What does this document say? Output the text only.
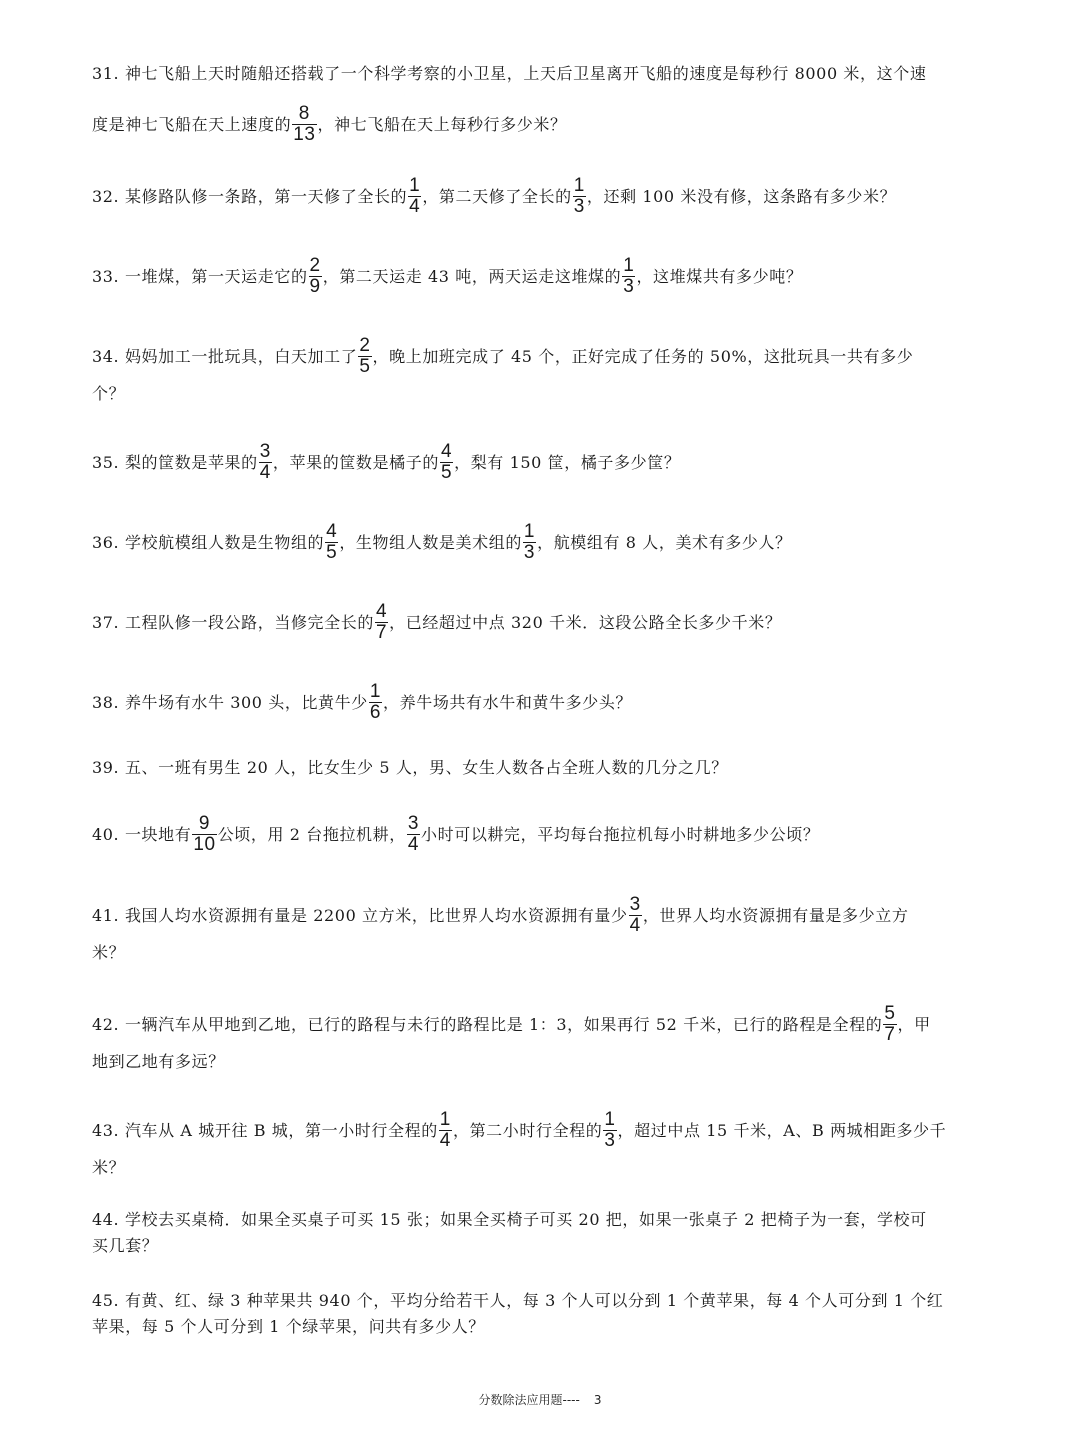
31. 神七飞船上天时随船还搭载了一个科学考察的小卫星，上天后卫星离开飞船的速度是每秒行 8000 米，这个速
度是神七飞船在天上速度的 $\frac{8}{13}$ ，神七飞船在天上每秒行多少米？
32. 某修路队修一条路，第一天修了全长的 $\frac{1}{4}$ ，第二天修了全长的 $\frac{1}{3}$ ，还剩 100 米没有修，这条路有多少米？
33. 一堆煤，第一天运走它的 $\frac{2}{9}$ ，第二天运走 43 吨，两天运走这堆煤的 $\frac{1}{3}$ ，这堆煤共有多少吨？
34. 妈妈加工一批玩具，白天加工了 $\frac{2}{5}$ ，晚上加班完成了 45 个，正好完成了任务的 50%，这批玩具一共有多少
个？
35. 梨的筐数是苹果的 $\frac{3}{4}$ ，苹果的筐数是橘子的 $\frac{4}{5}$ ，梨有 150 筐，橘子多少筐？
36. 学校航模组人数是生物组的 $\frac{4}{5}$ ，生物组人数是美术组的 $\frac{1}{3}$ ，航模组有 8 人，美术有多少人？
37. 工程队修一段公路，当修完全长的 $\frac{4}{7}$ ，已经超过中点 320 千米．这段公路全长多少千米？
38. 养牛场有水牛 300 头，比黄牛少 $\frac{1}{6}$ ，养牛场共有水牛和黄牛多少头？
39. 五、一班有男生 20 人，比女生少 5 人，男、女生人数各占全班人数的几分之几？
40. 一块地有 $\frac{9}{10}$ 公顷，用 2 台拖拉机耕， $\frac{3}{4}$ 小时可以耕完，平均每台拖拉机每小时耕地多少公顷？
41. 我国人均水资源拥有量是 2200 立方米，比世界人均水资源拥有量少 $\frac{3}{4}$ ，世界人均水资源拥有量是多少立方
米？
42. 一辆汽车从甲地到乙地，已行的路程与未行的路程比是 1：3，如果再行 52 千米，已行的路程是全程的 $\frac{5}{7}$ ，甲
地到乙地有多远？
43. 汽车从 A 城开往 B 城，第一小时行全程的 $\frac{1}{4}$ ，第二小时行全程的 $\frac{1}{3}$ ，超过中点 15 千米，A、B 两城相距多少千
米？
44. 学校去买桌椅．如果全买桌子可买 15 张；如果全买椅子可买 20 把，如果一张桌子 2 把椅子为一套，学校可
买几套？
45. 有黄、红、绿 3 种苹果共 940 个，平均分给若干人，每 3 个人可以分到 1 个黄苹果，每 4 个人可分到 1 个红
苹果，每 5 个人可分到 1 个绿苹果，问共有多少人？
分数除法应用题---- 3
